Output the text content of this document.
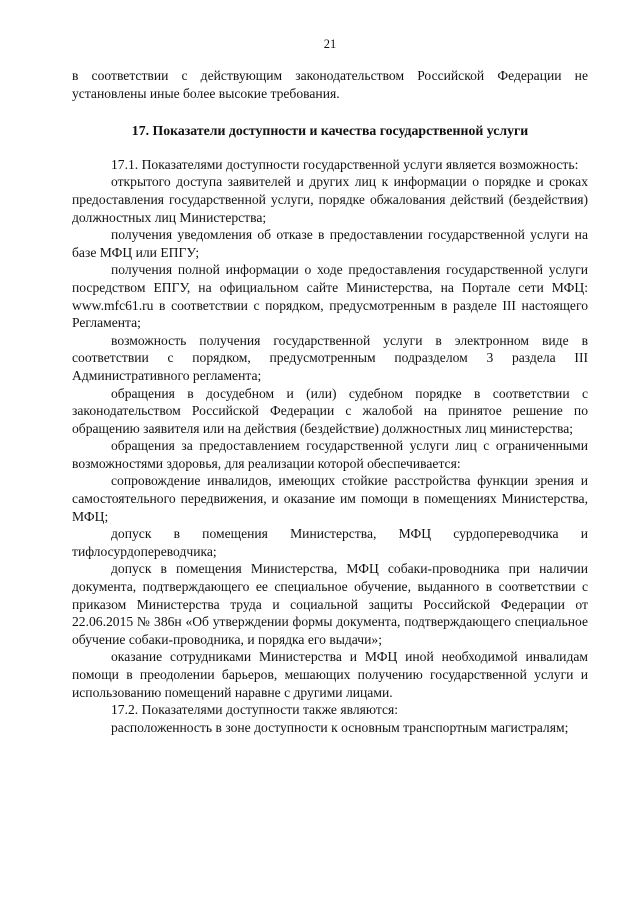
21

в соответствии с действующим законодательством Российской Федерации не установлены иные более высокие требования.

17. Показатели доступности и качества государственной услуги

17.1. Показателями доступности государственной услуги является возможность:

открытого доступа заявителей и других лиц к информации о порядке и сроках предоставления государственной услуги, порядке обжалования действий (бездействия) должностных лиц Министерства;

получения уведомления об отказе в предоставлении государственной услуги на базе МФЦ или ЕПГУ;

получения полной информации о ходе предоставления государственной услуги посредством ЕПГУ, на официальном сайте Министерства, на Портале сети МФЦ: www.mfc61.ru в соответствии с порядком, предусмотренным в разделе III настоящего Регламента;

возможность получения государственной услуги в электронном виде в соответствии с порядком, предусмотренным подразделом 3 раздела III Административного регламента;

обращения в досудебном и (или) судебном порядке в соответствии с законодательством Российской Федерации с жалобой на принятое решение по обращению заявителя или на действия (бездействие) должностных лиц министерства;

обращения за предоставлением государственной услуги лиц с ограниченными возможностями здоровья, для реализации которой обеспечивается:

сопровождение инвалидов, имеющих стойкие расстройства функции зрения и самостоятельного передвижения, и оказание им помощи в помещениях Министерства, МФЦ;

допуск в помещения Министерства, МФЦ сурдопереводчика и тифлосурдопереводчика;

допуск в помещения Министерства, МФЦ собаки-проводника при наличии документа, подтверждающего ее специальное обучение, выданного в соответствии с приказом Министерства труда и социальной защиты Российской Федерации от 22.06.2015 № 386н «Об утверждении формы документа, подтверждающего специальное обучение собаки-проводника, и порядка его выдачи»;

оказание сотрудниками Министерства и МФЦ иной необходимой инвалидам помощи в преодолении барьеров, мешающих получению государственной услуги и использованию помещений наравне с другими лицами.

17.2. Показателями доступности также являются:

расположенность в зоне доступности к основным транспортным магистралям;
